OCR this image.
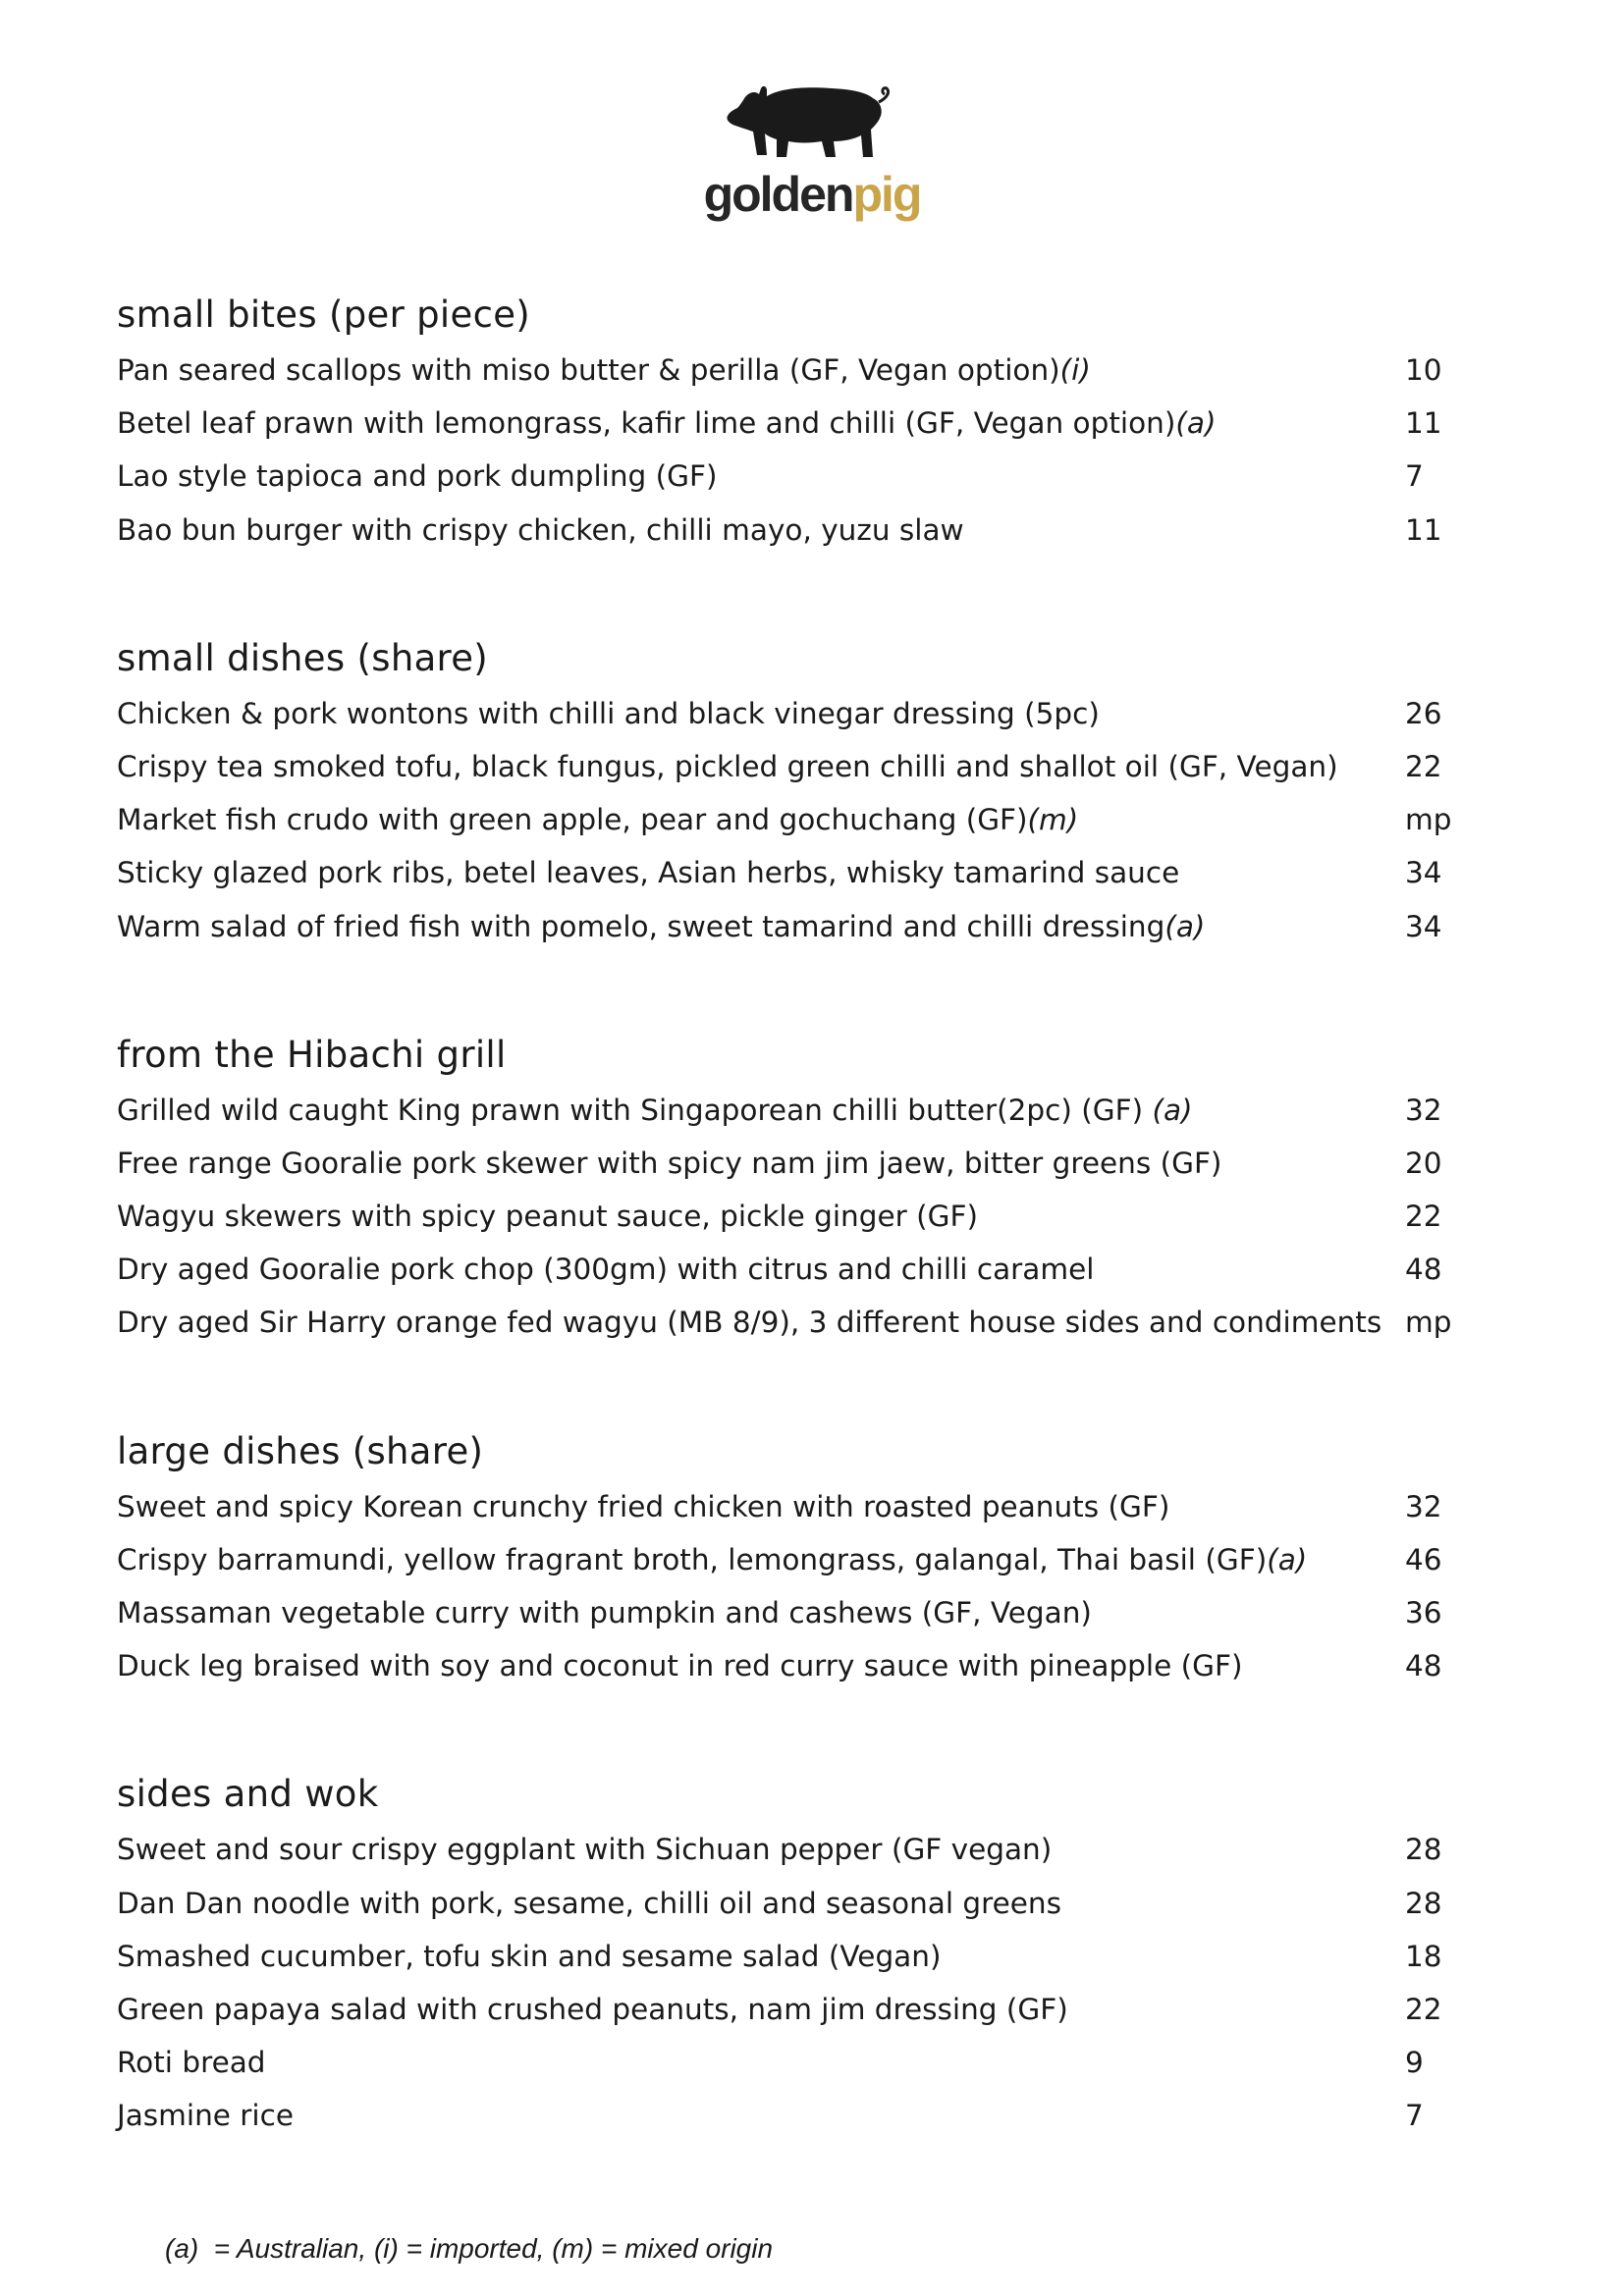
goldenpig
small bites (per piece)
Pan seared scallops with miso butter & perilla (GF, Vegan option)(i)	10
Betel leaf prawn with lemongrass, kafir lime and chilli (GF, Vegan option)(a)	11
Lao style tapioca and pork dumpling (GF)	7
Bao bun burger with crispy chicken, chilli mayo, yuzu slaw	11
small dishes (share)
Chicken & pork wontons with chilli and black vinegar dressing (5pc)	26
Crispy tea smoked tofu, black fungus, pickled green chilli and shallot oil (GF, Vegan) 22
Market fish crudo with green apple, pear and gochuchang (GF)(m)	mp
Sticky glazed pork ribs, betel leaves, Asian herbs, whisky tamarind sauce	34
Warm salad of fried fish with pomelo, sweet tamarind and chilli dressing(a)	34
from the Hibachi grill
Grilled wild caught King prawn with Singaporean chilli butter(2pc) (GF) (a)	32
Free range Gooralie pork skewer with spicy nam jim jaew, bitter greens (GF)	20
Wagyu skewers with spicy peanut sauce, pickle ginger (GF)	22
Dry aged Gooralie pork chop (300gm) with citrus and chilli caramel	48
Dry aged Sir Harry orange fed wagyu (MB 8/9), 3 different house sides and condiments mp
large dishes (share)
Sweet and spicy Korean crunchy fried chicken with roasted peanuts (GF)	32
Crispy barramundi, yellow fragrant broth, lemongrass, galangal, Thai basil (GF)(a)	46
Massaman vegetable curry with pumpkin and cashews (GF, Vegan)	36
Duck leg braised with soy and coconut in red curry sauce with pineapple (GF)	48
sides and wok
Sweet and sour crispy eggplant with Sichuan pepper (GF vegan)	28
Dan Dan noodle with pork, sesame, chilli oil and seasonal greens	28
Smashed cucumber, tofu skin and sesame salad (Vegan)	18
Green papaya salad with crushed peanuts, nam jim dressing (GF)	22
Roti bread	9
Jasmine rice	7
(a)  = Australian, (i) = imported, (m) = mixed origin
